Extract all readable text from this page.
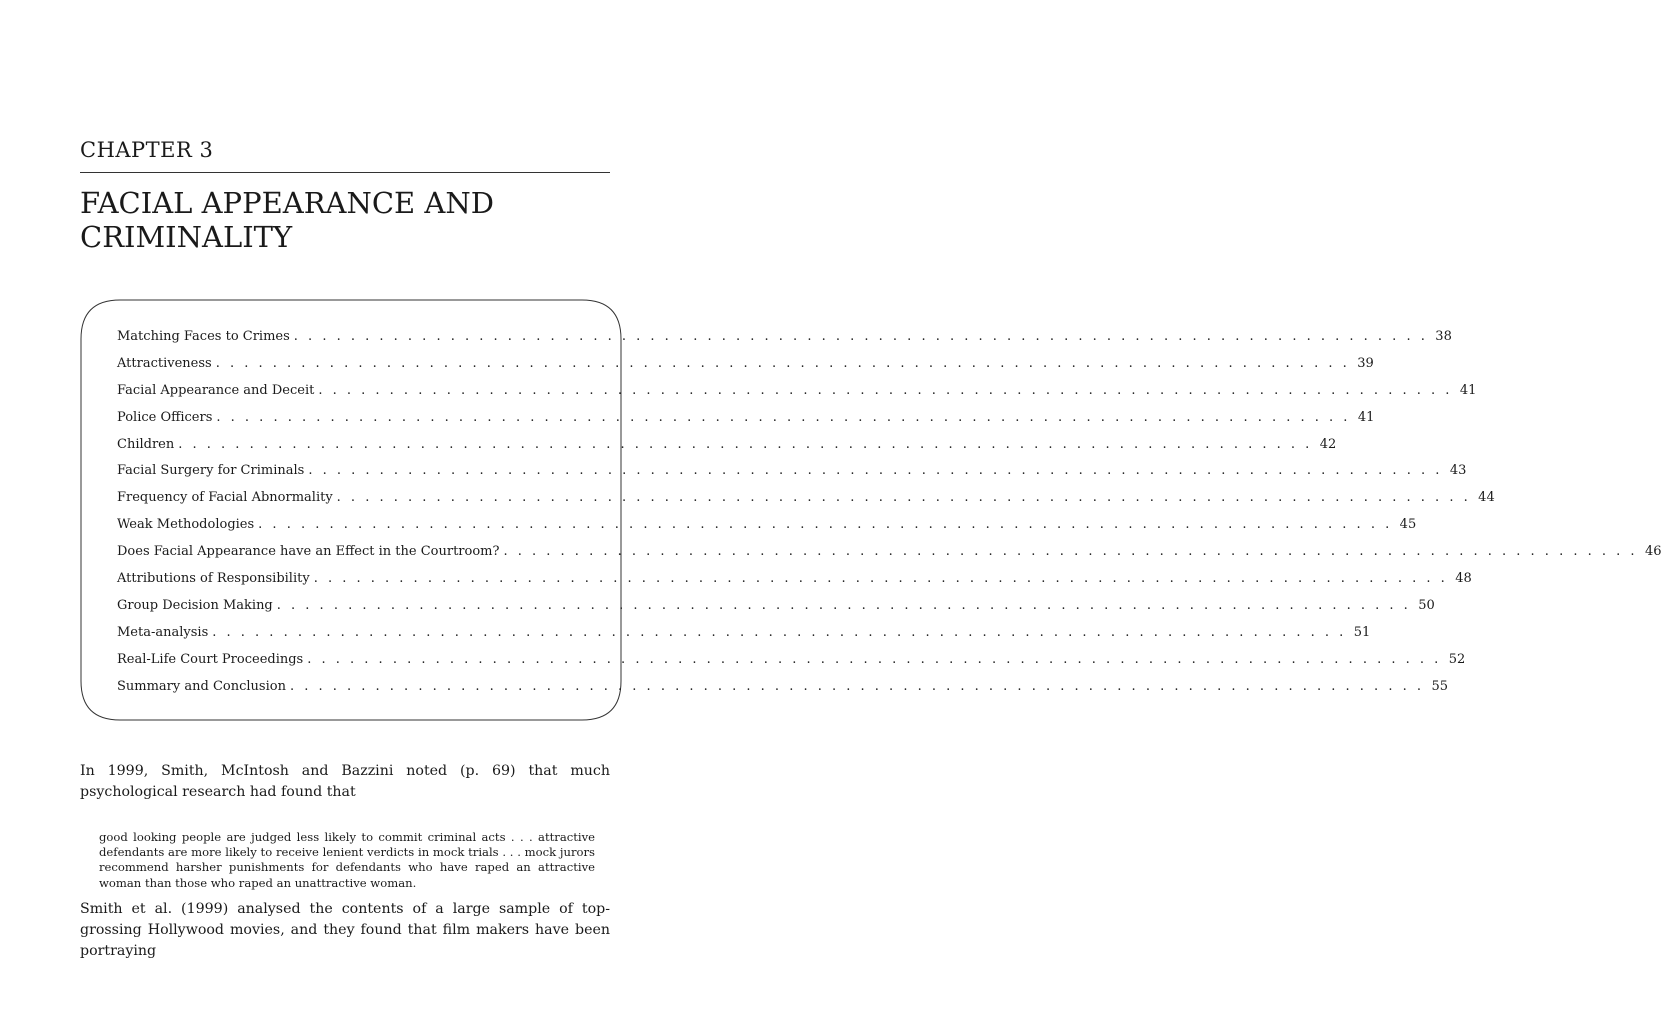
CHAPTER 3
FACIAL APPEARANCE AND CRIMINALITY
Matching Faces to Crimes . . . . . . . . . . . . . . . . . . . . . . . . . . . . . . . . . . . . . . . . . . . . . . . . . . . . . . . . . . . . . . . . . . . . . . . . . . . . . . . . 38
Attractiveness . . . . . . . . . . . . . . . . . . . . . . . . . . . . . . . . . . . . . . . . . . . . . . . . . . . . . . . . . . . . . . . . . . . . . . . . . . . . . . . . 39
Facial Appearance and Deceit . . . . . . . . . . . . . . . . . . . . . . . . . . . . . . . . . . . . . . . . . . . . . . . . . . . . . . . . . . . . . . . . . . . . . . . . . . . . . . . . 41
Police Officers . . . . . . . . . . . . . . . . . . . . . . . . . . . . . . . . . . . . . . . . . . . . . . . . . . . . . . . . . . . . . . . . . . . . . . . . . . . . . . . . 41
Children . . . . . . . . . . . . . . . . . . . . . . . . . . . . . . . . . . . . . . . . . . . . . . . . . . . . . . . . . . . . . . . . . . . . . . . . . . . . . . . . 42
Facial Surgery for Criminals . . . . . . . . . . . . . . . . . . . . . . . . . . . . . . . . . . . . . . . . . . . . . . . . . . . . . . . . . . . . . . . . . . . . . . . . . . . . . . . . 43
Frequency of Facial Abnormality . . . . . . . . . . . . . . . . . . . . . . . . . . . . . . . . . . . . . . . . . . . . . . . . . . . . . . . . . . . . . . . . . . . . . . . . . . . . . . . . 44
Weak Methodologies . . . . . . . . . . . . . . . . . . . . . . . . . . . . . . . . . . . . . . . . . . . . . . . . . . . . . . . . . . . . . . . . . . . . . . . . . . . . . . . . 45
Does Facial Appearance have an Effect in the Courtroom? . . . . . . . . . . . . . . . . . . . . . . . . . . . . . . . . . . . . . . . . . . . . . . . . . . . . . . . . . . . . . . . . . . . . . . . . . . . . . . . . 46
Attributions of Responsibility . . . . . . . . . . . . . . . . . . . . . . . . . . . . . . . . . . . . . . . . . . . . . . . . . . . . . . . . . . . . . . . . . . . . . . . . . . . . . . . . 48
Group Decision Making . . . . . . . . . . . . . . . . . . . . . . . . . . . . . . . . . . . . . . . . . . . . . . . . . . . . . . . . . . . . . . . . . . . . . . . . . . . . . . . . 50
Meta-analysis . . . . . . . . . . . . . . . . . . . . . . . . . . . . . . . . . . . . . . . . . . . . . . . . . . . . . . . . . . . . . . . . . . . . . . . . . . . . . . . . 51
Real-Life Court Proceedings . . . . . . . . . . . . . . . . . . . . . . . . . . . . . . . . . . . . . . . . . . . . . . . . . . . . . . . . . . . . . . . . . . . . . . . . . . . . . . . . 52
Summary and Conclusion . . . . . . . . . . . . . . . . . . . . . . . . . . . . . . . . . . . . . . . . . . . . . . . . . . . . . . . . . . . . . . . . . . . . . . . . . . . . . . . . 55

In 1999, Smith, McIntosh and Bazzini noted (p. 69) that much psychological research had found that

good looking people are judged less likely to commit criminal acts . . . attractive defendants are more likely to receive lenient verdicts in mock trials . . . mock jurors recommend harsher punishments for defendants who have raped an attractive woman than those who raped an unattractive woman.

Smith et al. (1999) analysed the contents of a large sample of top-grossing Hollywood movies, and they found that film makers have been portraying
